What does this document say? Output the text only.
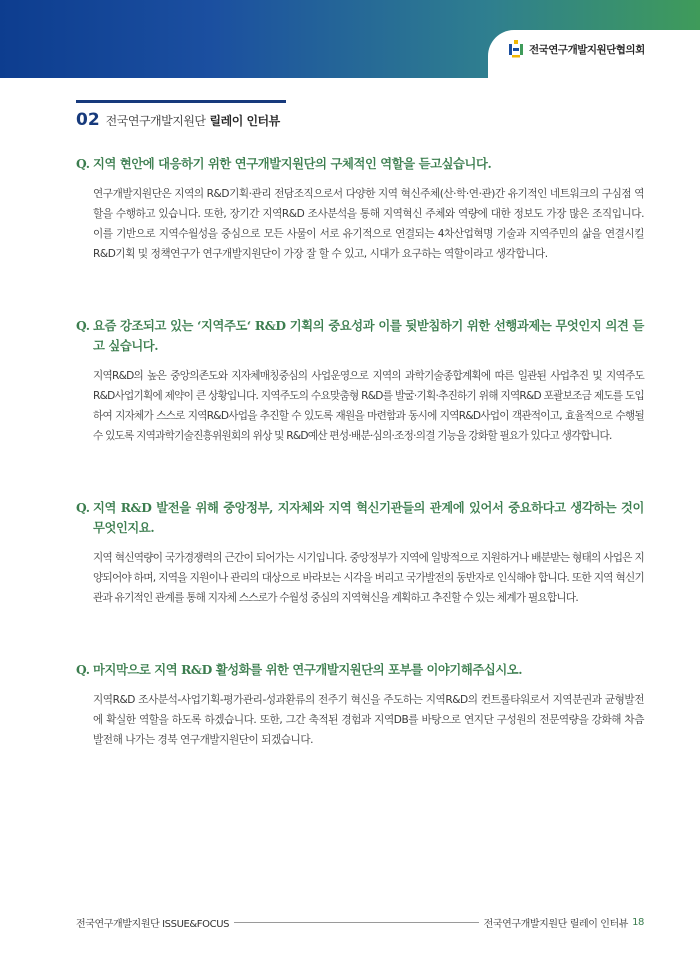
전국연구개발지원단협의회
02 전국연구개발지원단 릴레이 인터뷰
Q. 지역 현안에 대응하기 위한 연구개발지원단의 구체적인 역할을 듣고싶습니다.

연구개발지원단은 지역의 R&D기획·관리 전담조직으로서 다양한 지역 혁신주체(산·학·연·관)간 유기적인 네트워크의 구심점 역할을 수행하고 있습니다. 또한, 장기간 지역R&D 조사분석을 통해 지역혁신 주체와 역량에 대한 정보도 가장 많은 조직입니다. 이를 기반으로 지역수월성을 중심으로 모든 사물이 서로 유기적으로 연결되는 4차산업혁명 기술과 지역주민의 삶을 연결시킬 R&D기획 및 정책연구가 연구개발지원단이 가장 잘 할 수 있고, 시대가 요구하는 역할이라고 생각합니다.

Q. 요즘 강조되고 있는 ‘지역주도‘ R&D 기획의 중요성과 이를 뒷받침하기 위한 선행과제는 무엇인지 의견 듣고 싶습니다.

지역R&D의 높은 중앙의존도와 지자체매칭중심의 사업운영으로 지역의 과학기술종합계획에 따른 일관된 사업추진 및 지역주도 R&D사업기획에 제약이 큰 상황입니다. 지역주도의 수요맞춤형 R&D를 발굴·기획·추진하기 위해 지역R&D 포괄보조금 제도를 도입하여 지자체가 스스로 지역R&D사업을 추진할 수 있도록 재원을 마련함과 동시에 지역R&D사업이 객관적이고, 효율적으로 수행될 수 있도록 지역과학기술진흥위원회의 위상 및 R&D예산 편성·배분·심의·조정·의결 기능을 강화할 필요가 있다고 생각합니다.

Q. 지역 R&D 발전을 위해 중앙정부, 지자체와 지역 혁신기관들의 관계에 있어서 중요하다고 생각하는 것이 무엇인지요.

지역 혁신역량이 국가경쟁력의 근간이 되어가는 시기입니다. 중앙정부가 지역에 일방적으로 지원하거나 배분받는 형태의 사업은 지양되어야 하며, 지역을 지원이나 관리의 대상으로 바라보는 시각을 버리고 국가발전의 동반자로 인식해야 합니다. 또한 지역 혁신기관과 유기적인 관계를 통해 지자체 스스로가 수월성 중심의 지역혁신을 계획하고 추진할 수 있는 체계가 필요합니다.

Q. 마지막으로 지역 R&D 활성화를 위한 연구개발지원단의 포부를 이야기해주십시오.

지역R&D 조사분석-사업기획-평가관리-성과환류의 전주기 혁신을 주도하는 지역R&D의 컨트롤타워로서 지역분권과 균형발전에 확실한 역할을 하도록 하겠습니다. 또한, 그간 축적된 경험과 지역DB를 바탕으로 연지단 구성원의 전문역량을 강화해 차츰 발전해 나가는 경북 연구개발지원단이 되겠습니다.

전국연구개발지원단 ISSUE&FOCUS	전국연구개발지원단 릴레이 인터뷰 18
